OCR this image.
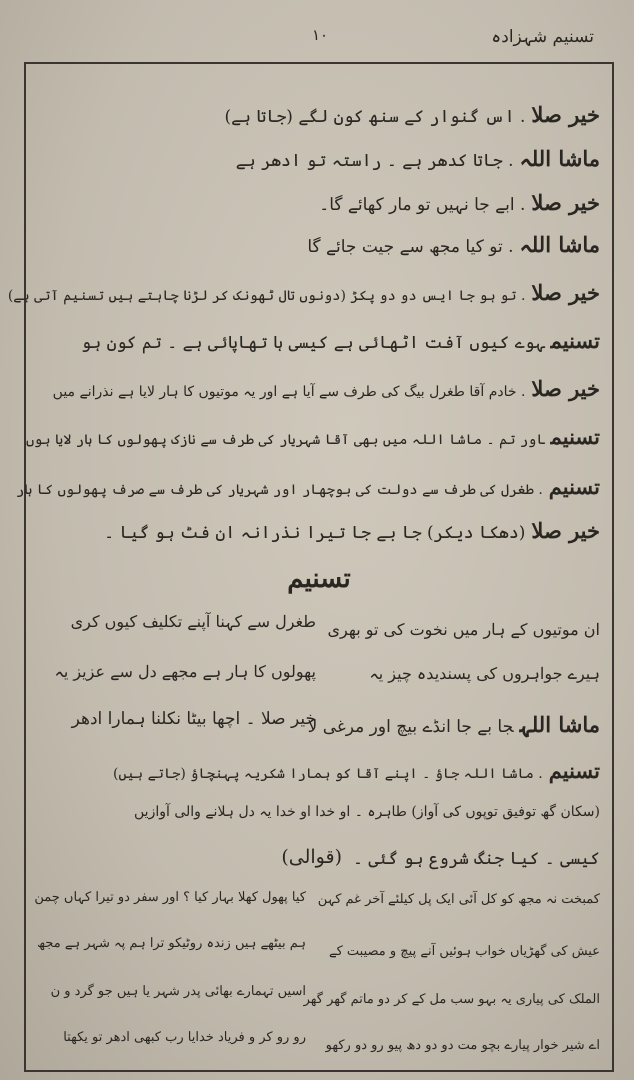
تسنیم شہزادہ
۱۰
خیر صلا. اس گنوار کے سنھ کون لگے (جاتا ہے)
ماشا اللہ. جاتا کدھر ہے ۔ راستہ تو ادھر ہے
خیر صلا. ابے جا نہیں تو مار کھائے گا۔
ماشا اللہ. تو کیا مجھ سے جیت جائے گا
خیر صلا. تو ہو جا ایس دو دو پکڑ (دونوں تال ٹھونک کر لڑنا چاہتے ہیں تسنیم آتی ہے)
تسنیمہوے کیوں آفت اٹھائی ہے کیسی ہا تھاپائی ہے ۔ تم کون ہو
خیر صلا. خادم آقا طغرل بیگ کی طرف سے آیا ہے اور یہ موتیوں کا ہار لایا ہے نذرانے میں
تسنیماور تم ۔ ماشا اللہ میں بھی آقا شہریار کی طرف سے نازک پھولوں کا ہار لایا ہوں
تسنیم. طغرل کی طرف سے دولت کی بوچھار اور شہریار کی طرف سے صرف پھولوں کا ہار
خیر صلا(دھکا دیکر) جا بے جا تیرا نذرانہ ان فٹ ہو گیا ۔
تسنیم
ان موتیوں کے ہار میں نخوت کی تو بھری
طغرل سے کہنا آپنے تکلیف کیوں کری
ہیرے جواہروں کی پسندیدہ چیز یہ
پھولوں کا ہار ہے مجھے دل سے عزیز یہ
ماشا اللہجا بے جا انڈے بیچ اور مرغی لا
خیر صلا ۔ اچھا بیٹا نکلنا ہمارا ادھر
تسنیم. ماشا اللہ جاؤ ۔ اپنے آقا کو ہمارا شکریہ پہنچاؤ (جاتے ہیں)
(سکان گھ توفیق توپوں کی آواز) طاہرہ ۔ او خدا او خدا یہ دل ہلانے والی آوازیں
کیسی ۔ کیا جنگ شروع ہو گئی ۔
(قوالی)
کمبخت نہ مجھ کو کل آئی ایک پل کیلئے آخر غم کہن
کیا پھول کھلا بہار کیا ؟ اور سفر دو تیرا کہاں چمن
عیش کی گھڑیاں خواب ہوئیں آنے پیچ و مصیبت کے
ہم بیٹھے ہیں زندہ روٹیکو ترا ہم پہ شہر ہے مجھ
الملک کی پیاری یہ بہو سب مل کے کر دو ماتم گھر گھر
اسیں تہمارے بھائی پدر شہر یا ہیں جو گرد و ن
اے شیر خوار پیارے بچو مت دو دو دھ پیو رو دو رکھو
رو رو کر و فریاد خدایا رب کبھی ادھر تو یکھتا
